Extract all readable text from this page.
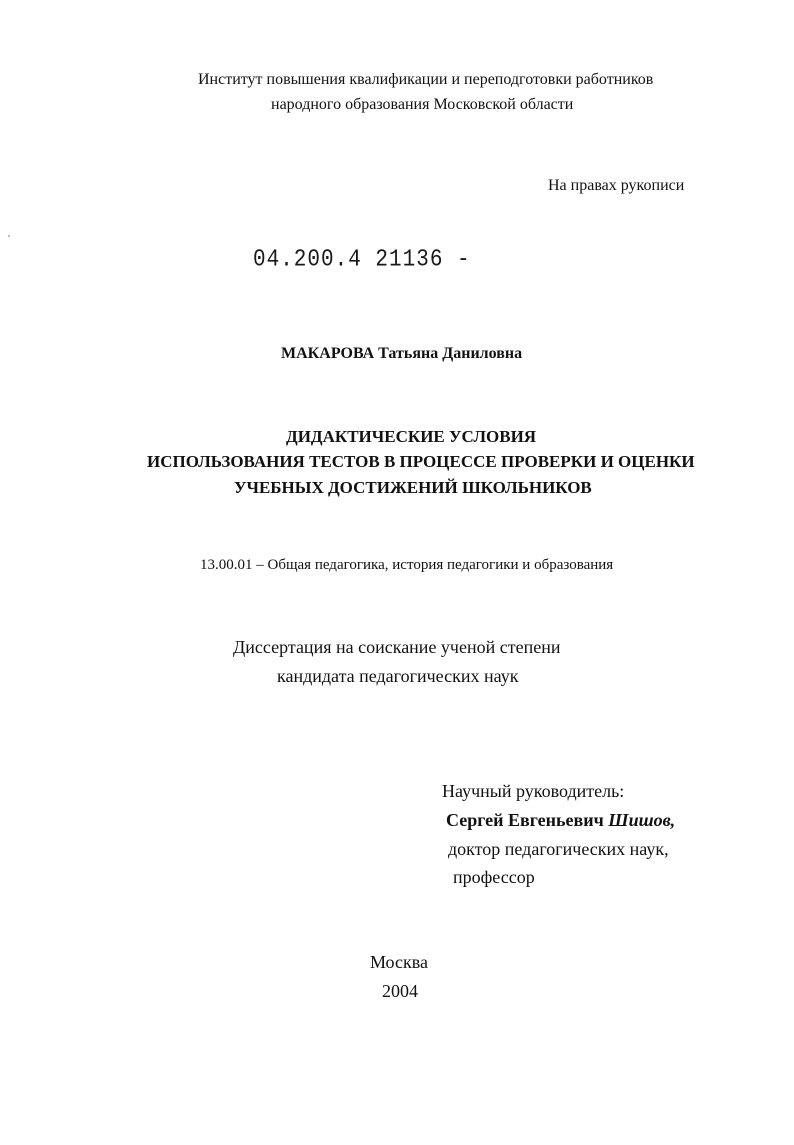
Институт повышения квалификации и переподготовки работников

народного образования Московской области

На правах рукописи

04.200.4 21136 -

МАКАРОВА Татьяна Даниловна

ДИДАКТИЧЕСКИЕ УСЛОВИЯ

ИСПОЛЬЗОВАНИЯ ТЕСТОВ В ПРОЦЕССЕ ПРОВЕРКИ И ОЦЕНКИ

УЧЕБНЫХ ДОСТИЖЕНИЙ ШКОЛЬНИКОВ

13.00.01 – Общая педагогика, история педагогики и образования

Диссертация на соискание ученой степени

кандидата педагогических наук

Научный руководитель:

Сергей Евгеньевич Шишов,

доктор педагогических наук,

профессор

Москва

2004
